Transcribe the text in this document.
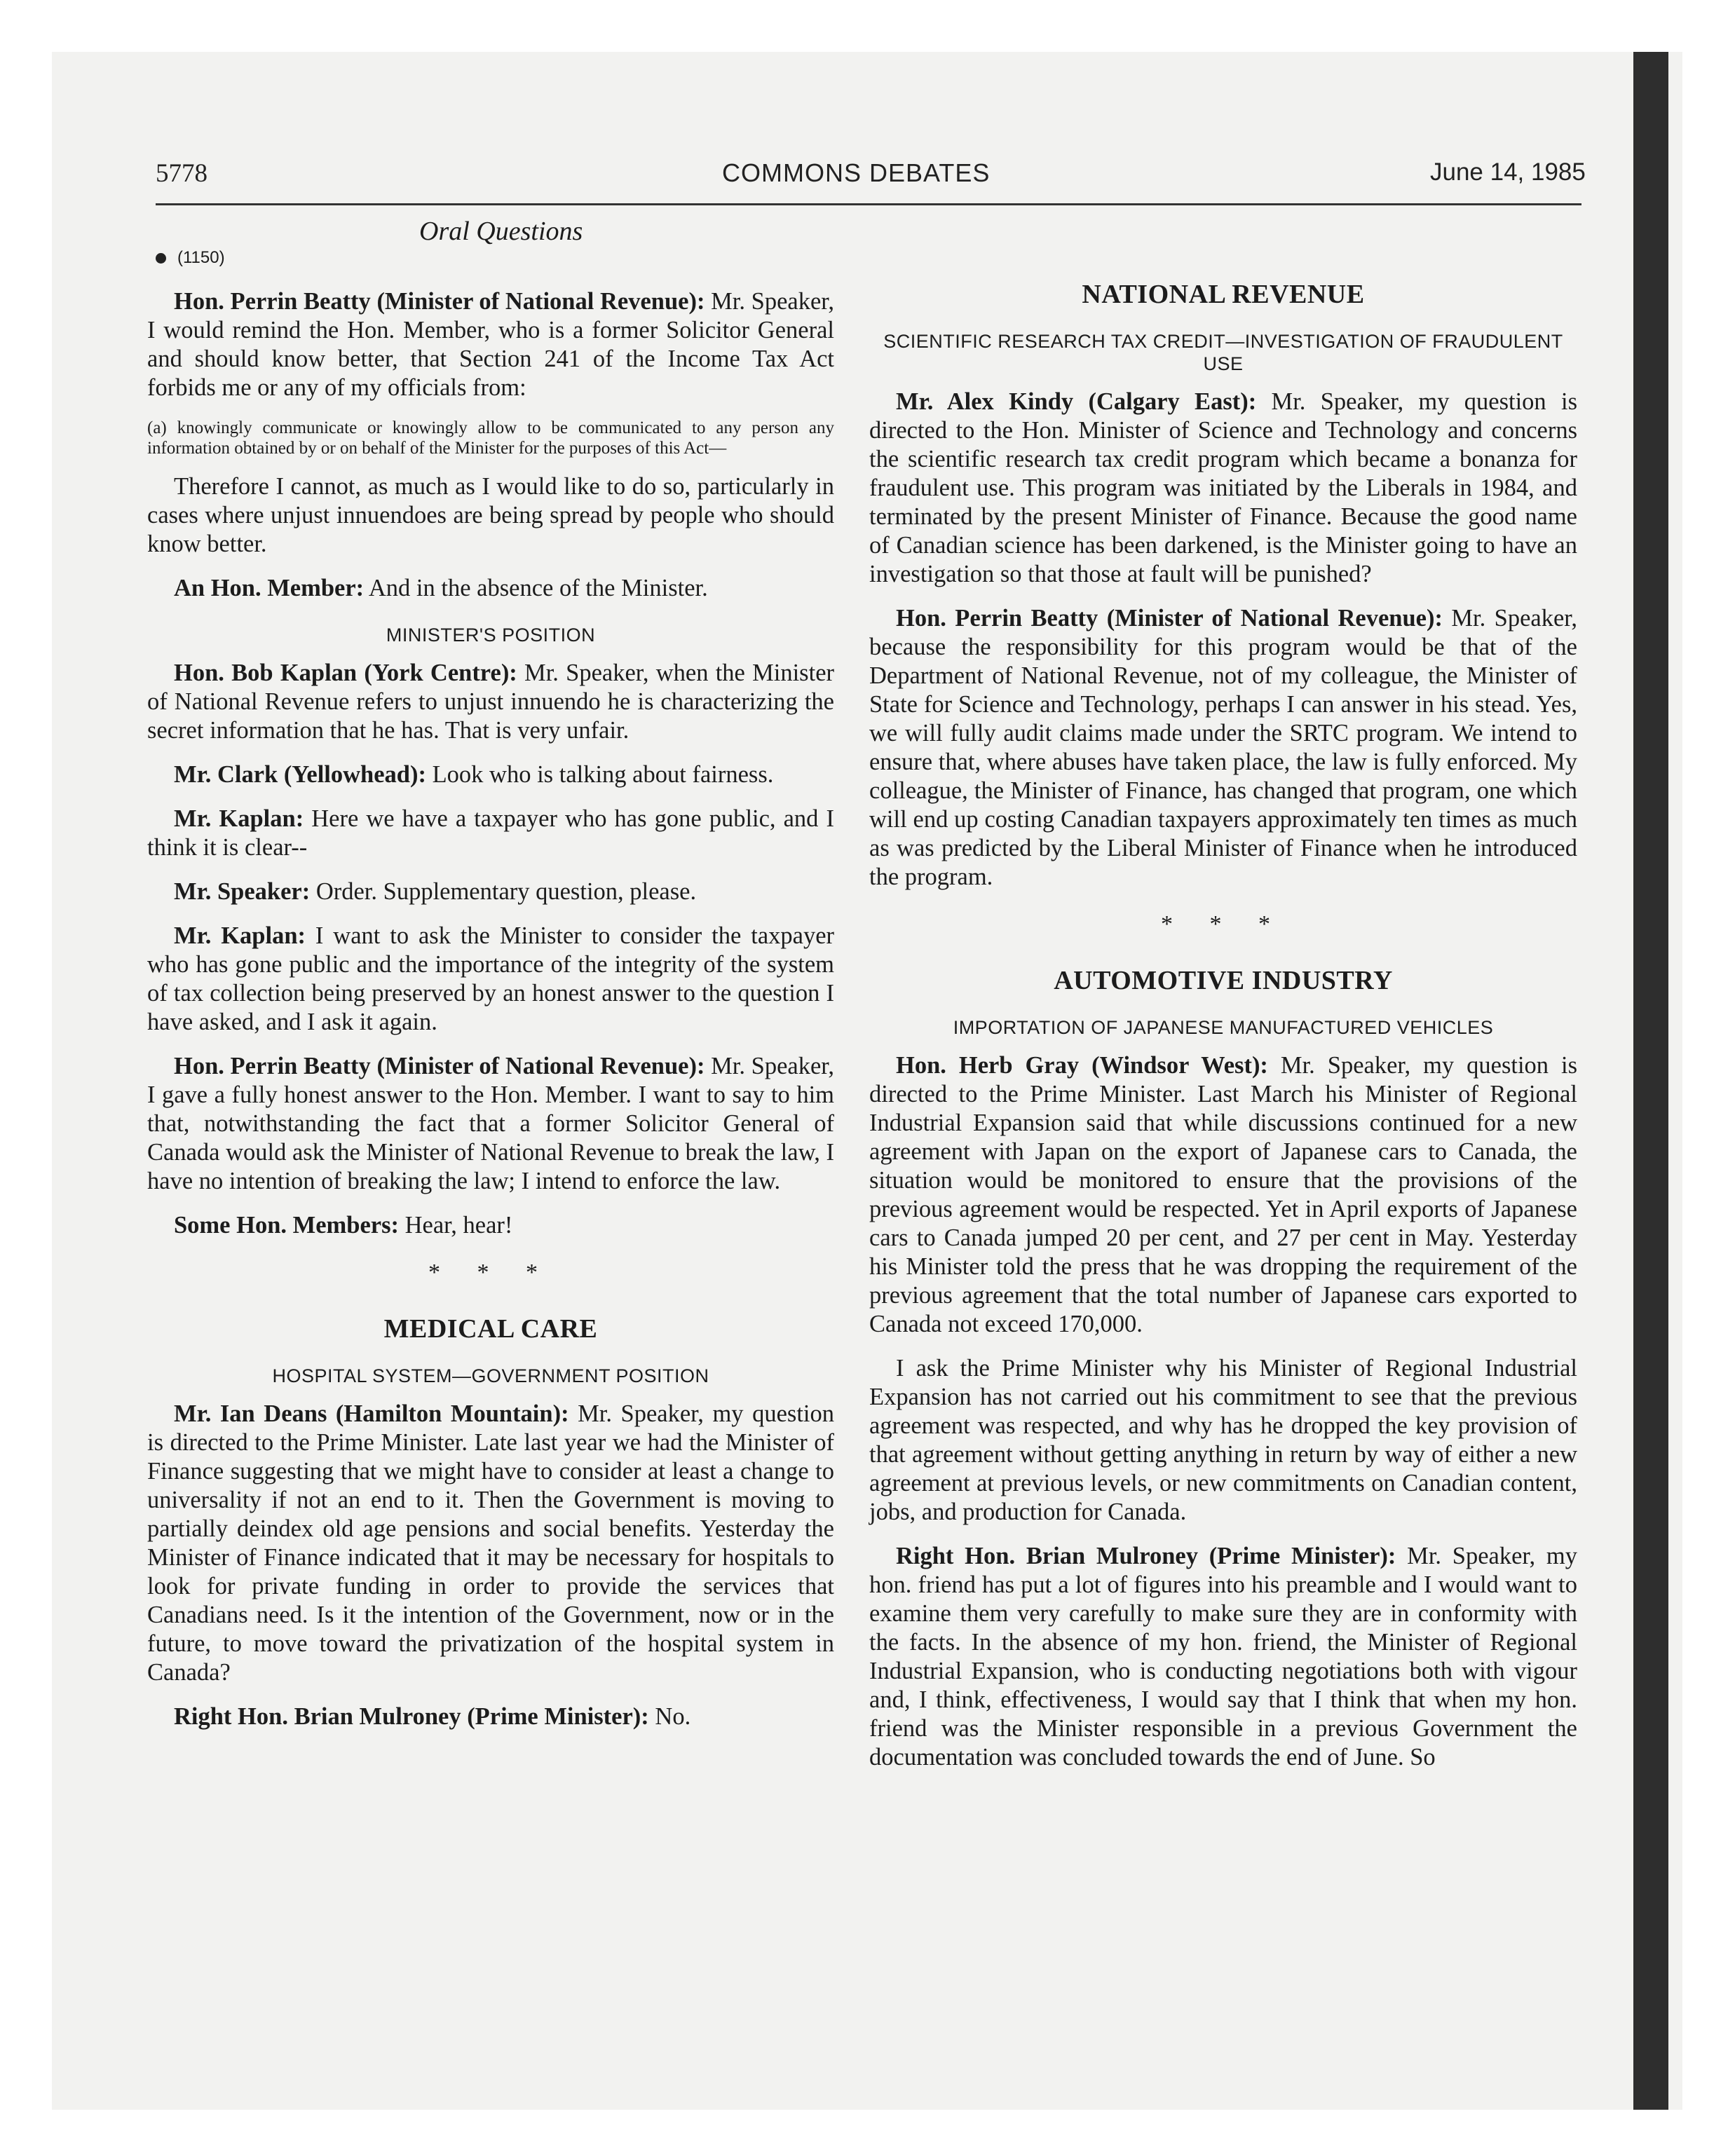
5778	COMMONS DEBATES	June 14, 1985
Oral Questions
(1150)

Hon. Perrin Beatty (Minister of National Revenue): Mr. Speaker, I would remind the Hon. Member, who is a former Solicitor General and should know better, that Section 241 of the Income Tax Act forbids me or any of my officials from:

(a) knowingly communicate or knowingly allow to be communicated to any person any information obtained by or on behalf of the Minister for the purposes of this Act—

Therefore I cannot, as much as I would like to do so, particularly in cases where unjust innuendoes are being spread by people who should know better.

An Hon. Member: And in the absence of the Minister.

MINISTER'S POSITION

Hon. Bob Kaplan (York Centre): Mr. Speaker, when the Minister of National Revenue refers to unjust innuendo he is characterizing the secret information that he has. That is very unfair.

Mr. Clark (Yellowhead): Look who is talking about fairness.

Mr. Kaplan: Here we have a taxpayer who has gone public, and I think it is clear--

Mr. Speaker: Order. Supplementary question, please.

Mr. Kaplan: I want to ask the Minister to consider the taxpayer who has gone public and the importance of the integrity of the system of tax collection being preserved by an honest answer to the question I have asked, and I ask it again.

Hon. Perrin Beatty (Minister of National Revenue): Mr. Speaker, I gave a fully honest answer to the Hon. Member. I want to say to him that, notwithstanding the fact that a former Solicitor General of Canada would ask the Minister of National Revenue to break the law, I have no intention of breaking the law; I intend to enforce the law.

Some Hon. Members: Hear, hear!

* * *
MEDICAL CARE
HOSPITAL SYSTEM—GOVERNMENT POSITION

Mr. Ian Deans (Hamilton Mountain): Mr. Speaker, my question is directed to the Prime Minister. Late last year we had the Minister of Finance suggesting that we might have to consider at least a change to universality if not an end to it. Then the Government is moving to partially deindex old age pensions and social benefits. Yesterday the Minister of Finance indicated that it may be necessary for hospitals to look for private funding in order to provide the services that Canadians need. Is it the intention of the Government, now or in the future, to move toward the privatization of the hospital system in Canada?

Right Hon. Brian Mulroney (Prime Minister): No.

NATIONAL REVENUE
SCIENTIFIC RESEARCH TAX CREDIT—INVESTIGATION OF FRAUDULENT USE

Mr. Alex Kindy (Calgary East): Mr. Speaker, my question is directed to the Hon. Minister of Science and Technology and concerns the scientific research tax credit program which became a bonanza for fraudulent use. This program was initiated by the Liberals in 1984, and terminated by the present Minister of Finance. Because the good name of Canadian science has been darkened, is the Minister going to have an investigation so that those at fault will be punished?

Hon. Perrin Beatty (Minister of National Revenue): Mr. Speaker, because the responsibility for this program would be that of the Department of National Revenue, not of my colleague, the Minister of State for Science and Technology, perhaps I can answer in his stead. Yes, we will fully audit claims made under the SRTC program. We intend to ensure that, where abuses have taken place, the law is fully enforced. My colleague, the Minister of Finance, has changed that program, one which will end up costing Canadian taxpayers approximately ten times as much as was predicted by the Liberal Minister of Finance when he introduced the program.

* * *
AUTOMOTIVE INDUSTRY
IMPORTATION OF JAPANESE MANUFACTURED VEHICLES

Hon. Herb Gray (Windsor West): Mr. Speaker, my question is directed to the Prime Minister. Last March his Minister of Regional Industrial Expansion said that while discussions continued for a new agreement with Japan on the export of Japanese cars to Canada, the situation would be monitored to ensure that the provisions of the previous agreement would be respected. Yet in April exports of Japanese cars to Canada jumped 20 per cent, and 27 per cent in May. Yesterday his Minister told the press that he was dropping the requirement of the previous agreement that the total number of Japanese cars exported to Canada not exceed 170,000.

I ask the Prime Minister why his Minister of Regional Industrial Expansion has not carried out his commitment to see that the previous agreement was respected, and why has he dropped the key provision of that agreement without getting anything in return by way of either a new agreement at previous levels, or new commitments on Canadian content, jobs, and production for Canada.

Right Hon. Brian Mulroney (Prime Minister): Mr. Speaker, my hon. friend has put a lot of figures into his preamble and I would want to examine them very carefully to make sure they are in conformity with the facts. In the absence of my hon. friend, the Minister of Regional Industrial Expansion, who is conducting negotiations both with vigour and, I think, effectiveness, I would say that I think that when my hon. friend was the Minister responsible in a previous Government the documentation was concluded towards the end of June. So
